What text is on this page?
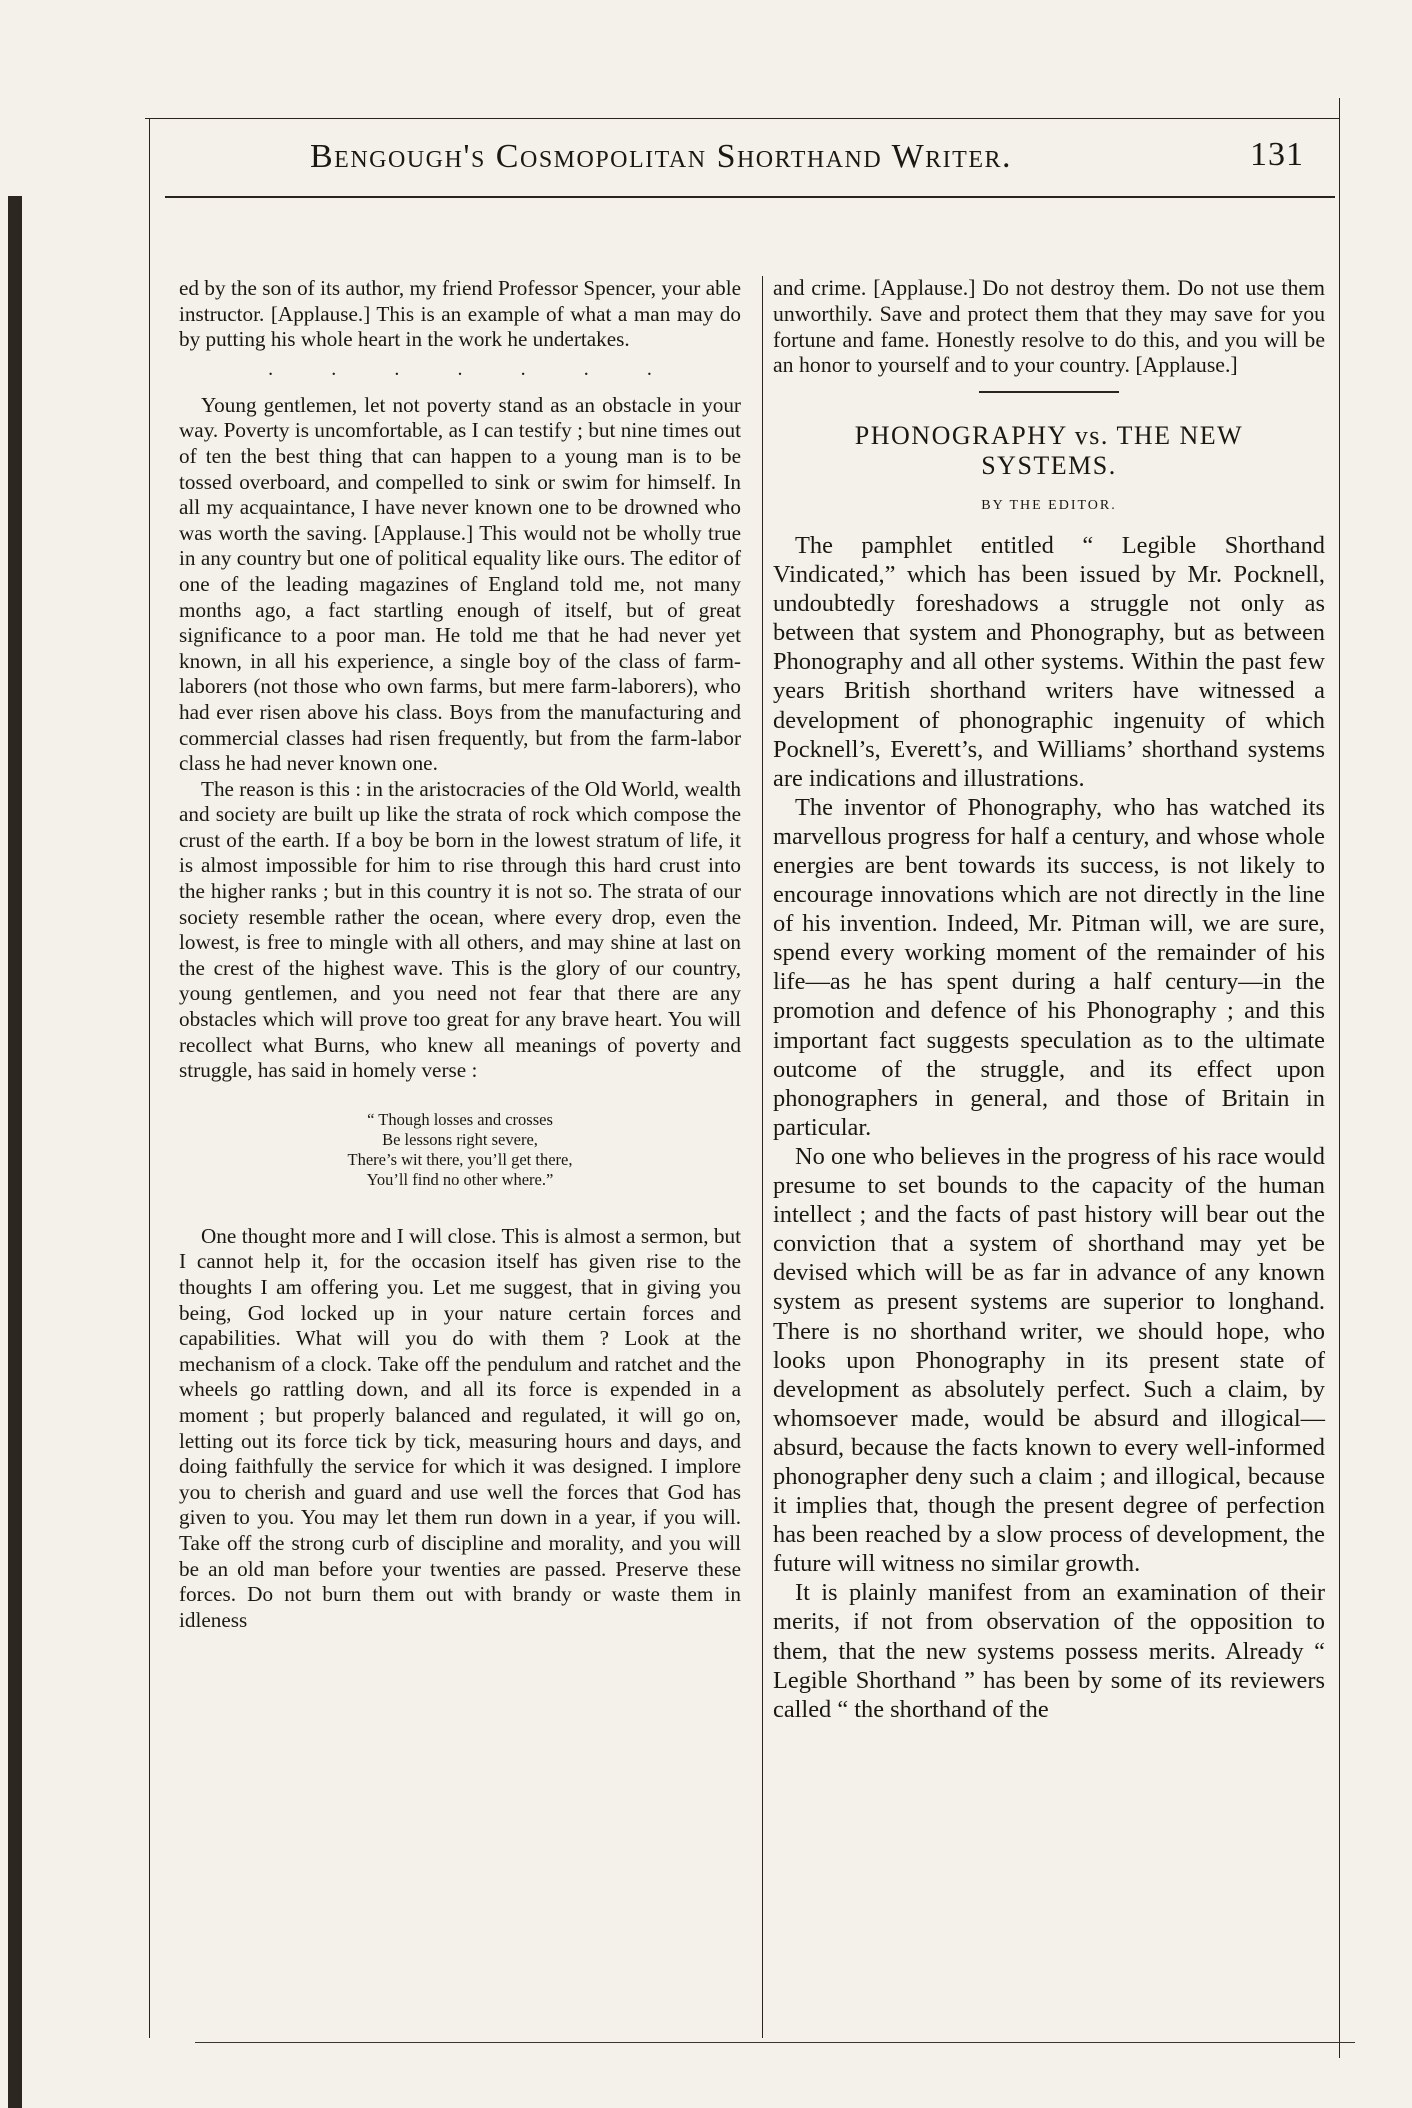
Bengough's Cosmopolitan Shorthand Writer.	131

ed by the son of its author, my friend Professor Spencer, your able instructor. [Applause.] This is an example of what a man may do by putting his whole heart in the work he undertakes.

.	.	.	.	.	.	.

Young gentlemen, let not poverty stand as an obstacle in your way. Poverty is uncomfortable, as I can testify ; but nine times out of ten the best thing that can happen to a young man is to be tossed overboard, and compelled to sink or swim for himself. In all my acquaintance, I have never known one to be drowned who was worth the saving. [Applause.] This would not be wholly true in any country but one of political equality like ours. The editor of one of the leading magazines of England told me, not many months ago, a fact startling enough of itself, but of great significance to a poor man. He told me that he had never yet known, in all his experience, a single boy of the class of farm-laborers (not those who own farms, but mere farm-laborers), who had ever risen above his class. Boys from the manufacturing and commercial classes had risen frequently, but from the farm-labor class he had never known one.

The reason is this : in the aristocracies of the Old World, wealth and society are built up like the strata of rock which compose the crust of the earth. If a boy be born in the lowest stratum of life, it is almost impossible for him to rise through this hard crust into the higher ranks ; but in this country it is not so. The strata of our society resemble rather the ocean, where every drop, even the lowest, is free to mingle with all others, and may shine at last on the crest of the highest wave. This is the glory of our country, young gentlemen, and you need not fear that there are any obstacles which will prove too great for any brave heart. You will recollect what Burns, who knew all meanings of poverty and struggle, has said in homely verse :

“ Though losses and crosses
Be lessons right severe,
There’s wit there, you’ll get there,
You’ll find no other where.”

One thought more and I will close. This is almost a sermon, but I cannot help it, for the occasion itself has given rise to the thoughts I am offering you. Let me suggest, that in giving you being, God locked up in your nature certain forces and capabilities. What will you do with them ? Look at the mechanism of a clock. Take off the pendulum and ratchet and the wheels go rattling down, and all its force is expended in a moment ; but properly balanced and regulated, it will go on, letting out its force tick by tick, measuring hours and days, and doing faithfully the service for which it was designed. I implore you to cherish and guard and use well the forces that God has given to you. You may let them run down in a year, if you will. Take off the strong curb of discipline and morality, and you will be an old man before your twenties are passed. Preserve these forces. Do not burn them out with brandy or waste them in idleness

and crime. [Applause.] Do not destroy them. Do not use them unworthily. Save and protect them that they may save for you fortune and fame. Honestly resolve to do this, and you will be an honor to yourself and to your country. [Applause.]

PHONOGRAPHY vs. THE NEW

SYSTEMS.

BY THE EDITOR.

The pamphlet entitled “ Legible Shorthand Vindicated,” which has been issued by Mr. Pocknell, undoubtedly foreshadows a struggle not only as between that system and Phonography, but as between Phonography and all other systems. Within the past few years British shorthand writers have witnessed a development of phonographic ingenuity of which Pocknell’s, Everett’s, and Williams’ shorthand systems are indications and illustrations.

The inventor of Phonography, who has watched its marvellous progress for half a century, and whose whole energies are bent towards its success, is not likely to encourage innovations which are not directly in the line of his invention. Indeed, Mr. Pitman will, we are sure, spend every working moment of the remainder of his life—as he has spent during a half century—in the promotion and defence of his Phonography ; and this important fact suggests speculation as to the ultimate outcome of the struggle, and its effect upon phonographers in general, and those of Britain in particular.

No one who believes in the progress of his race would presume to set bounds to the capacity of the human intellect ; and the facts of past history will bear out the conviction that a system of shorthand may yet be devised which will be as far in advance of any known system as present systems are superior to longhand. There is no shorthand writer, we should hope, who looks upon Phonography in its present state of development as absolutely perfect. Such a claim, by whomsoever made, would be absurd and illogical—absurd, because the facts known to every well-informed phonographer deny such a claim ; and illogical, because it implies that, though the present degree of perfection has been reached by a slow process of development, the future will witness no similar growth.

It is plainly manifest from an examination of their merits, if not from observation of the opposition to them, that the new systems possess merits. Already “ Legible Shorthand ” has been by some of its reviewers called “ the shorthand of the
